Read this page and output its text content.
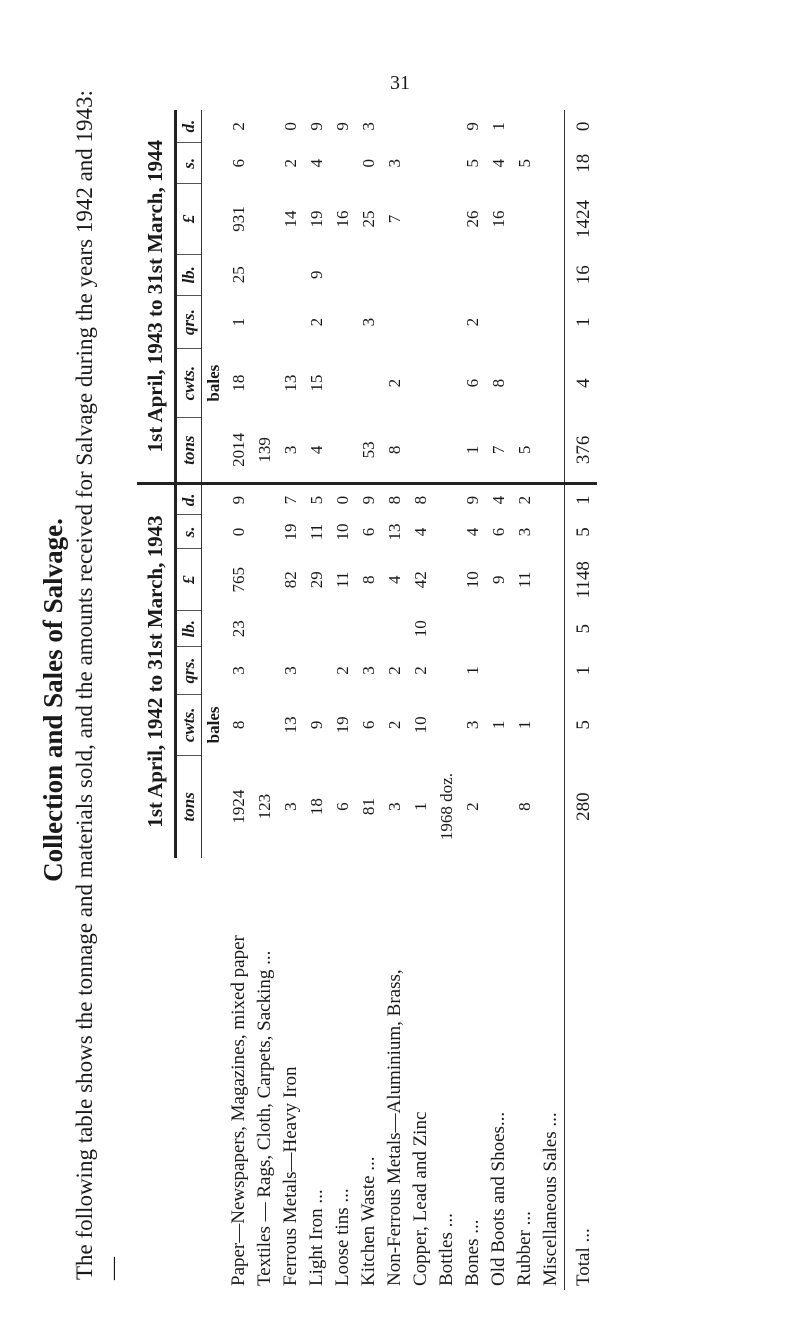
31
Collection and Sales of Salvage. The following table shows the tonnage and materials sold, and the amounts received for Salvage during the years 1942 and 1943:—
	1st April, 1942 to 31st March, 1943							1st April, 1943 to 31st March, 1944						
	tons	cwts.	qrs.	lb.	£	s.	d.	tons	cwts.	qrs.	lb.	£	s.	d.
		bales							bales					
Paper—Newspapers, Magazines, mixed paper	1924	8	3	23	765	0	9	2014	18	1	25	931	6	2
Textiles — Rags, Cloth, Carpets, Sacking ...	123							139						
Ferrous Metals—Heavy Iron	3	13	3		82	19	7	3	13			14	2	0
Light Iron ...	18	9			29	11	5	4	15	2	9	19	4	9
Loose tins ...	6	19	2		11	10	0					16		9
Kitchen Waste ...	81	6	3		8	6	9	53		3		25	0	3
Non-Ferrous Metals—Aluminium, Brass,	3	2	2		4	13	8	8	2			7	3	
Copper, Lead and Zinc	1	10	2	10	42	4	8							
Bottles ...	1968 doz.													
Bones ...	2	3	1		10	4	9	1	6	2		26	5	9
Old Boots and Shoes...		1			9	6	4	7	8			16	4	1
Rubber ...	8	1			11	3	2	5					5	
Miscellaneous Sales ...														
Total ...	280	5	1	5	1148	5	1	376	4	1	16	1424	18	0
